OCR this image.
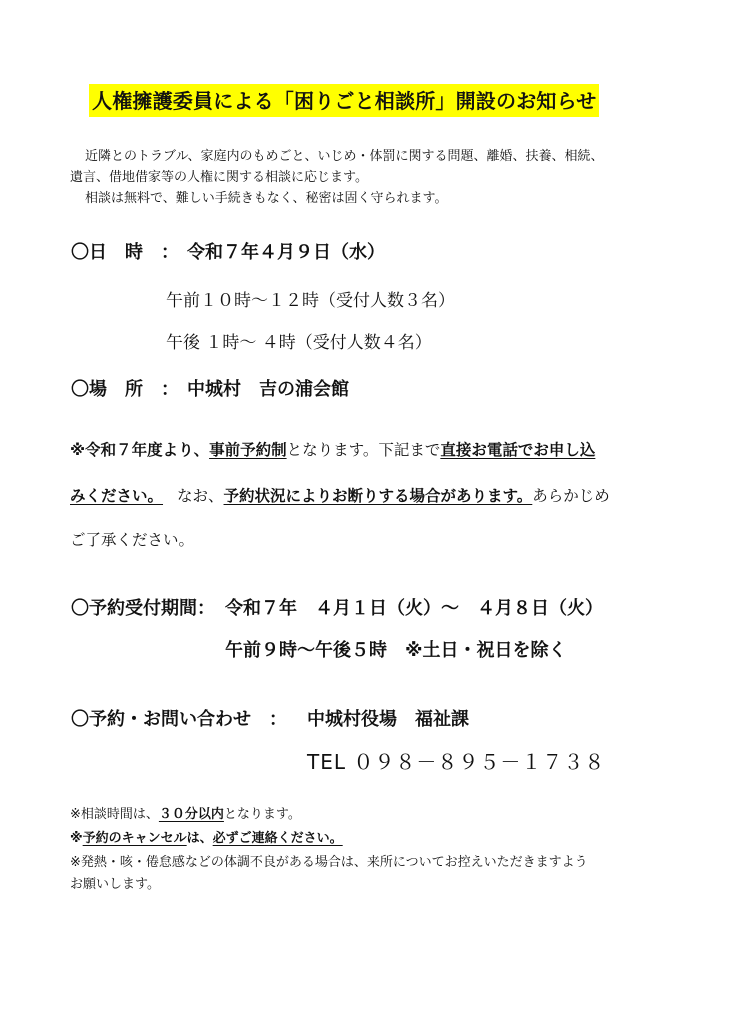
人権擁護委員による「困りごと相談所」開設のお知らせ
近隣とのトラブル、家庭内のもめごと、いじめ・体罰に関する問題、離婚、扶養、相続、
遺言、借地借家等の人権に関する相談に応じます。
相談は無料で、難しい手続きもなく、秘密は固く守られます。
〇日　時　： 令和７年４月９日（水）
午前１０時～１２時（受付人数３名）
午後 １時～ ４時（受付人数４名）
〇場　所　： 中城村　吉の浦会館
※令和７年度より、事前予約制となります。下記まで直接お電話でお申し込
みください。 なお、予約状況によりお断りする場合があります。あらかじめ
ご了承ください。
〇予約受付期間： 令和７年　４月１日（火）～　４月８日（火）
午前９時～午後５時　※土日・祝日を除く
〇予約・お問い合わせ　： 中城村役場　福祉課
TEL ０９８－８９５－１７３８
※相談時間は、３０分以内となります。
※予約のキャンセルは、必ずご連絡ください。
※発熱・咳・倦怠感などの体調不良がある場合は、来所についてお控えいただきますよう
お願いします。
